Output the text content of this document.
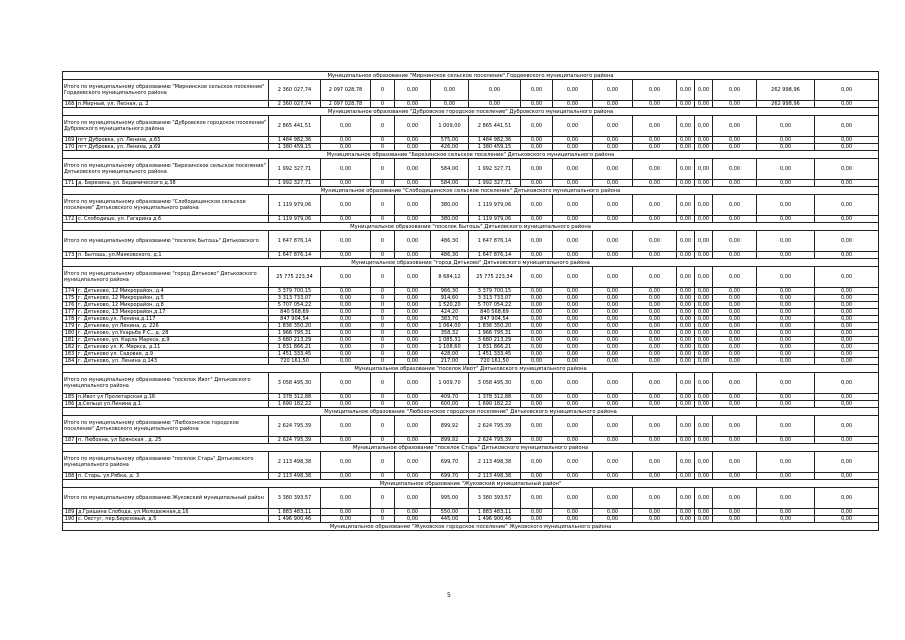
Муниципальное образование "Мирнинское сельское поселение" Гордеевского муниципального района																
Итого по муниципальному образованию "Мирнинское сельское поселение" Гордеевского муниципального района		2 360 027,74	2 097 028,78	0	0,00	0,00	0,00	0,00	0,00	0,00	0,00	0,00	0,00	0,00	262 998,96	0,00
168	п.Мирный, ул. Лесная, д. 2	2 360 027,74	2 097 028,78	0	0,00	0,00	0,00	0,00	0,00	0,00	0,00	0,00	0,00	0,00	262 998,96	0,00
Муниципальное образование "Дубровское городское поселение" Дубровского муниципального района																
Итого по муниципальному образованию "Дубровское городское поселение" Дубровского муниципального района		2 865 441,51	0,00	0	0,00	1 009,00	2 865 441,51	0,00	0,00	0,00	0,00	0,00	0,00	0,00	0,00	0,00
169	пгт Дубровка, ул. Ленина, д.65	1 484 982,36	0,00	0	0,00	575,00	1 484 982,36	0,00	0,00	0,00	0,00	0,00	0,00	0,00	0,00	0,00
170	пгт Дубровка, ул. Ленина, д.69	1 380 459,15	0,00	0	0,00	426,00	1 380 459,15	0,00	0,00	0,00	0,00	0,00	0,00	0,00	0,00	0,00
Муниципальное образование "Березинское сельское поселение" Дятьковского муниципального района																
Итого по муниципальному образованию "Березинское сельское поселение" Дятьковского муниципального района		1 992 327,71	0,00	0	0,00	584,00	1 992 327,71	0,00	0,00	0,00	0,00	0,00	0,00	0,00	0,00	0,00
171	д. Березина, ул. Бедамического д.38	1 992 327,71	0,00	0	0,00	584,00	1 992 327,71	0,00	0,00	0,00	0,00	0,00	0,00	0,00	0,00	0,00
Муниципальное образование "Слободищенское сельское поселение" Дятьковского муниципального района																
Итого по муниципальному образованию "Слободищенское сельское поселение" Дятьковского муниципального района		1 119 979,06	0,00	0	0,00	380,00	1 119 979,06	0,00	0,00	0,00	0,00	0,00	0,00	0,00	0,00	0,00
172	с. Слободище, ул. Гагарина д.6	1 119 979,06	0,00	0	0,00	380,00	1 119 979,06	0,00	0,00	0,00	0,00	0,00	0,00	0,00	0,00	0,00
Муниципальное образование "поселок Бытошь" Дятьковского муниципального района																
Итого по муниципальному образованию "поселок Бытошь" Дятьковского		1 647 876,14	0,00	0	0,00	486,30	1 647 876,14	0,00	0,00	0,00	0,00	0,00	0,00	0,00	0,00	0,00
173	п. Бытошь, ул.Маяковского, д.1	1 647 876,14	0,00	0	0,00	486,30	1 647 876,14	0,00	0,00	0,00	0,00	0,00	0,00	0,00	0,00	0,00
Муниципальное образование "город Дятьково" Дятьковского муниципального района																
Итого по муниципальному образованию "город Дятьково" Дятьковского муниципального района		25 775 223,34	0,00	0	0,00	8 684,12	25 775 223,34	0,00	0,00	0,00	0,00	0,00	0,00	0,00	0,00	0,00
174	г. Дятьково, 12 Микрорайон, д.4	3 379 700,15	0,00	0	0,00	966,30	3 379 700,15	0,00	0,00	0,00	0,00	0,00	0,00	0,00	0,00	0,00
175	г. Дятьково, 12 Микрорайон, д.5	3 313 733,07	0,00	0	0,00	914,60	3 313 733,07	0,00	0,00	0,00	0,00	0,00	0,00	0,00	0,00	0,00
176	г. Дятьково, 12 Микрорайон, д.8	5 707 054,22	0,00	0	0,00	1 520,20	5 707 054,22	0,00	0,00	0,00	0,00	0,00	0,00	0,00	0,00	0,00
177	г. Дятьково, 13 Микрорайон,д.17	840 568,69	0,00	0	0,00	424,20	840 568,69	0,00	0,00	0,00	0,00	0,00	0,00	0,00	0,00	0,00
178	г. Дятьково,ул. Ленина,д.117	847 904,54	0,00	0	0,00	383,70	847 904,54	0,00	0,00	0,00	0,00	0,00	0,00	0,00	0,00	0,00
179	г. Дятьково, ул Ленина, д. 226	1 836 350,20	0,00	0	0,00	1 064,00	1 836 350,20	0,00	0,00	0,00	0,00	0,00	0,00	0,00	0,00	0,00
180	г. Дятьково, ул.Ухарьба Р.С., д. 28	1 966 795,31	0,00	0	0,00	358,32	1 966 795,31	0,00	0,00	0,00	0,00	0,00	0,00	0,00	0,00	0,00
181	г. Дятьково, ул. Карла Маркса, д.9	3 680 213,29	0,00	0	0,00	1 085,31	3 680 213,29	0,00	0,00	0,00	0,00	0,00	0,00	0,00	0,00	0,00
182	г. Дятьково ул. К. Маркса, д.11	1 831 866,21	0,00	0	0,00	1 108,60	1 831 866,21	0,00	0,00	0,00	0,00	0,00	0,00	0,00	0,00	0,00
183	г. Дятьково ул. Садовая, д.9	1 451 333,45	0,00	0	0,00	428,00	1 451 333,45	0,00	0,00	0,00	0,00	0,00	0,00	0,00	0,00	0,00
184	г. Дятьково, ул. Ленина д.143	720 161,50	0,00	0	0,00	217,00	720 161,50	0,00	0,00	0,00	0,00	0,00	0,00	0,00	0,00	0,00
Муниципальное образование "поселок Ивот" Дятьковского муниципального района																
Итого по муниципальному образованию "поселок Ивот" Дятьковского муниципального района		3 058 495,30	0,00	0	0,00	1 009,70	3 058 495,30	0,00	0,00	0,00	0,00	0,00	0,00	0,00	0,00	0,00
185	п.Ивот ул Пролетарская д.16	1 378 312,88	0,00	0	0,00	409,70	1 378 312,88	0,00	0,00	0,00	0,00	0,00	0,00	0,00	0,00	0,00
186	д.Сельцо ул.Ленина д.1	1 690 182,22	0,00	0	0,00	600,00	1 690 182,22	0,00	0,00	0,00	0,00	0,00	0,00	0,00	0,00	0,00
Муниципальное образование "Любохонское городское поселение" Дятьковского муниципального района																
Итого по муниципальному образованию "Любохонское городское поселение" Дятьковского муниципального района		2 624 795,39	0,00	0	0,00	899,92	2 624 795,39	0,00	0,00	0,00	0,00	0,00	0,00	0,00	0,00	0,00
187	п. Любохна, ул Брянская , д. 25	2 624 795,39	0,00	0	0,00	899,92	2 624 795,39	0,00	0,00	0,00	0,00	0,00	0,00	0,00	0,00	0,00
Муниципальное образование "поселок Старь" Дятьковского муниципального района																
Итого по муниципальному образованию "поселок Старь" Дятьковского муниципального района		2 113 498,38	0,00	0	0,00	699,70	2 113 498,38	0,00	0,00	0,00	0,00	0,00	0,00	0,00	0,00	0,00
188	п. Старь, ул.Рябка, д. 3	2 113 498,38	0,00	0	0,00	699,70	2 113 498,38	0,00	0,00	0,00	0,00	0,00	0,00	0,00	0,00	0,00
Муниципальное образование "Жуковский муниципальный район"																
Итого по муниципальному образованию Жуковский муниципальный район		3 380 393,57	0,00	0	0,00	995,00	3 380 393,57	0,00	0,00	0,00	0,00	0,00	0,00	0,00	0,00	0,00
189	д.Гришина Слобода, ул.Молодежная,д.16	1 883 483,11	0,00	0	0,00	550,00	1 883 483,11	0,00	0,00	0,00	0,00	0,00	0,00	0,00	0,00	0,00
190	с. Овстуг, пер.Березовый, д.5	1 496 900,46	0,00	0	0,00	445,00	1 496 900,46	0,00	0,00	0,00	0,00	0,00	0,00	0,00	0,00	0,00
Муниципальное образование "Жуковское городское поселение" Жуковского муниципального района																
5
